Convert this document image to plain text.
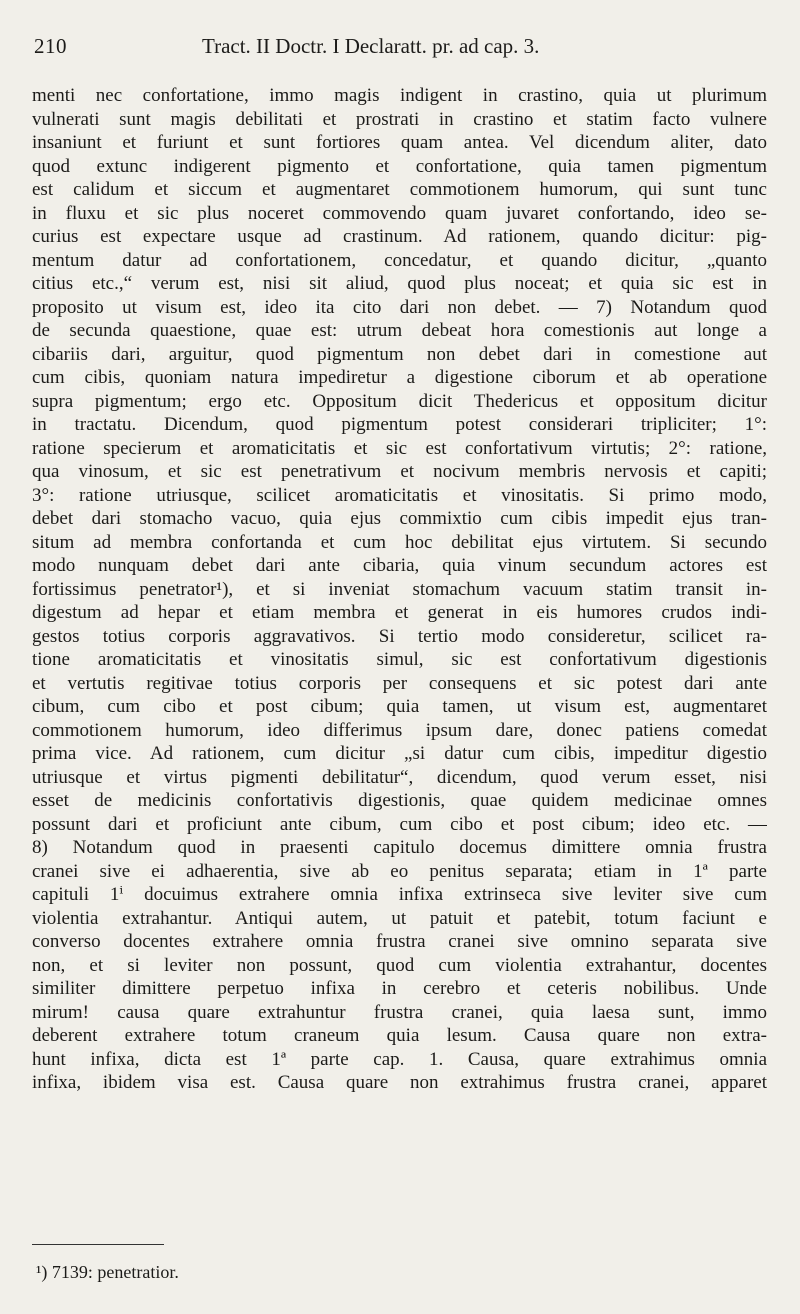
210	Tract. II Doctr. I Declaratt. pr. ad cap. 3.
menti nec confortatione, immo magis indigent in crastino, quia ut plurimum
vulnerati sunt magis debilitati et prostrati in crastino et statim facto vulnere
insaniunt et furiunt et sunt fortiores quam antea. Vel dicendum aliter, dato
quod extunc indigerent pigmento et confortatione, quia tamen pigmentum
est calidum et siccum et augmentaret commotionem humorum, qui sunt tunc
in fluxu et sic plus noceret commovendo quam juvaret confortando, ideo se-
curius est expectare usque ad crastinum. Ad rationem, quando dicitur: pig-
mentum datur ad confortationem, concedatur, et quando dicitur, „quanto
citius etc.,“ verum est, nisi sit aliud, quod plus noceat; et quia sic est in
proposito ut visum est, ideo ita cito dari non debet. — 7) Notandum quod
de secunda quaestione, quae est: utrum debeat hora comestionis aut longe a
cibariis dari, arguitur, quod pigmentum non debet dari in comestione aut
cum cibis, quoniam natura impediretur a digestione ciborum et ab operatione
supra pigmentum; ergo etc. Oppositum dicit Thedericus et oppositum dicitur
in tractatu. Dicendum, quod pigmentum potest considerari tripliciter; 1°:
ratione specierum et aromaticitatis et sic est confortativum virtutis; 2°: ratione,
qua vinosum, et sic est penetrativum et nocivum membris nervosis et capiti;
3°: ratione utriusque, scilicet aromaticitatis et vinositatis. Si primo modo,
debet dari stomacho vacuo, quia ejus commixtio cum cibis impedit ejus tran-
situm ad membra confortanda et cum hoc debilitat ejus virtutem. Si secundo
modo nunquam debet dari ante cibaria, quia vinum secundum actores est
fortissimus penetrator¹), et si inveniat stomachum vacuum statim transit in-
digestum ad hepar et etiam membra et generat in eis humores crudos indi-
gestos totius corporis aggravativos. Si tertio modo consideretur, scilicet ra-
tione aromaticitatis et vinositatis simul, sic est confortativum digestionis
et vertutis regitivae totius corporis per consequens et sic potest dari ante
cibum, cum cibo et post cibum; quia tamen, ut visum est, augmentaret
commotionem humorum, ideo differimus ipsum dare, donec patiens comedat
prima vice. Ad rationem, cum dicitur „si datur cum cibis, impeditur digestio
utriusque et virtus pigmenti debilitatur“, dicendum, quod verum esset, nisi
esset de medicinis confortativis digestionis, quae quidem medicinae omnes
possunt dari et proficiunt ante cibum, cum cibo et post cibum; ideo etc. —
8) Notandum quod in praesenti capitulo docemus dimittere omnia frustra
cranei sive ei adhaerentia, sive ab eo penitus separata; etiam in 1ª parte
capituli 1ⁱ docuimus extrahere omnia infixa extrinseca sive leviter sive cum
violentia extrahantur. Antiqui autem, ut patuit et patebit, totum faciunt e
converso docentes extrahere omnia frustra cranei sive omnino separata sive
non, et si leviter non possunt, quod cum violentia extrahantur, docentes
similiter dimittere perpetuo infixa in cerebro et ceteris nobilibus. Unde
mirum! causa quare extrahuntur frustra cranei, quia laesa sunt, immo
deberent extrahere totum craneum quia lesum. Causa quare non extra-
hunt infixa, dicta est 1ª parte cap. 1. Causa, quare extrahimus omnia
infixa, ibidem visa est. Causa quare non extrahimus frustra cranei, apparet
¹) 7139: penetratior.
